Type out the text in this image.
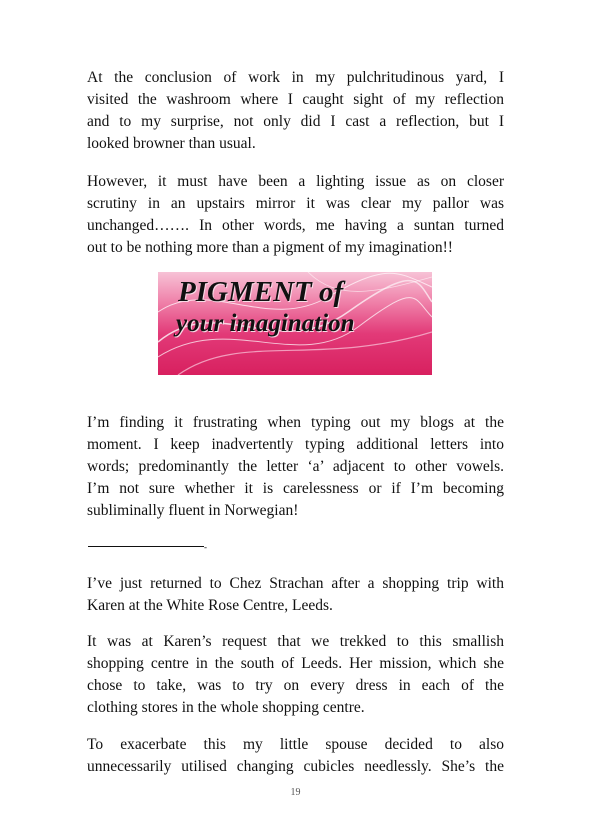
At the conclusion of work in my pulchritudinous yard, I
visited the washroom where I caught sight of my reflection
and to my surprise, not only did I cast a reflection, but I
looked browner than usual.

However, it must have been a lighting issue as on closer
scrutiny in an upstairs mirror it was clear my pallor was
unchanged……. In other words, me having a suntan turned
out to be nothing more than a pigment of my imagination!!

PIGMENT of
your imagination

I’m finding it frustrating when typing out my blogs at the
moment. I keep inadvertently typing additional letters into
words; predominantly the letter ‘a’ adjacent to other vowels.
I’m not sure whether it is carelessness or if I’m becoming
subliminally fluent in Norwegian!

-

I’ve just returned to Chez Strachan after a shopping trip with
Karen at the White Rose Centre, Leeds.

It was at Karen’s request that we trekked to this smallish
shopping centre in the south of Leeds. Her mission, which she
chose to take, was to try on every dress in each of the
clothing stores in the whole shopping centre.

To exacerbate this my little spouse decided to also
unnecessarily utilised changing cubicles needlessly. She’s the

19
